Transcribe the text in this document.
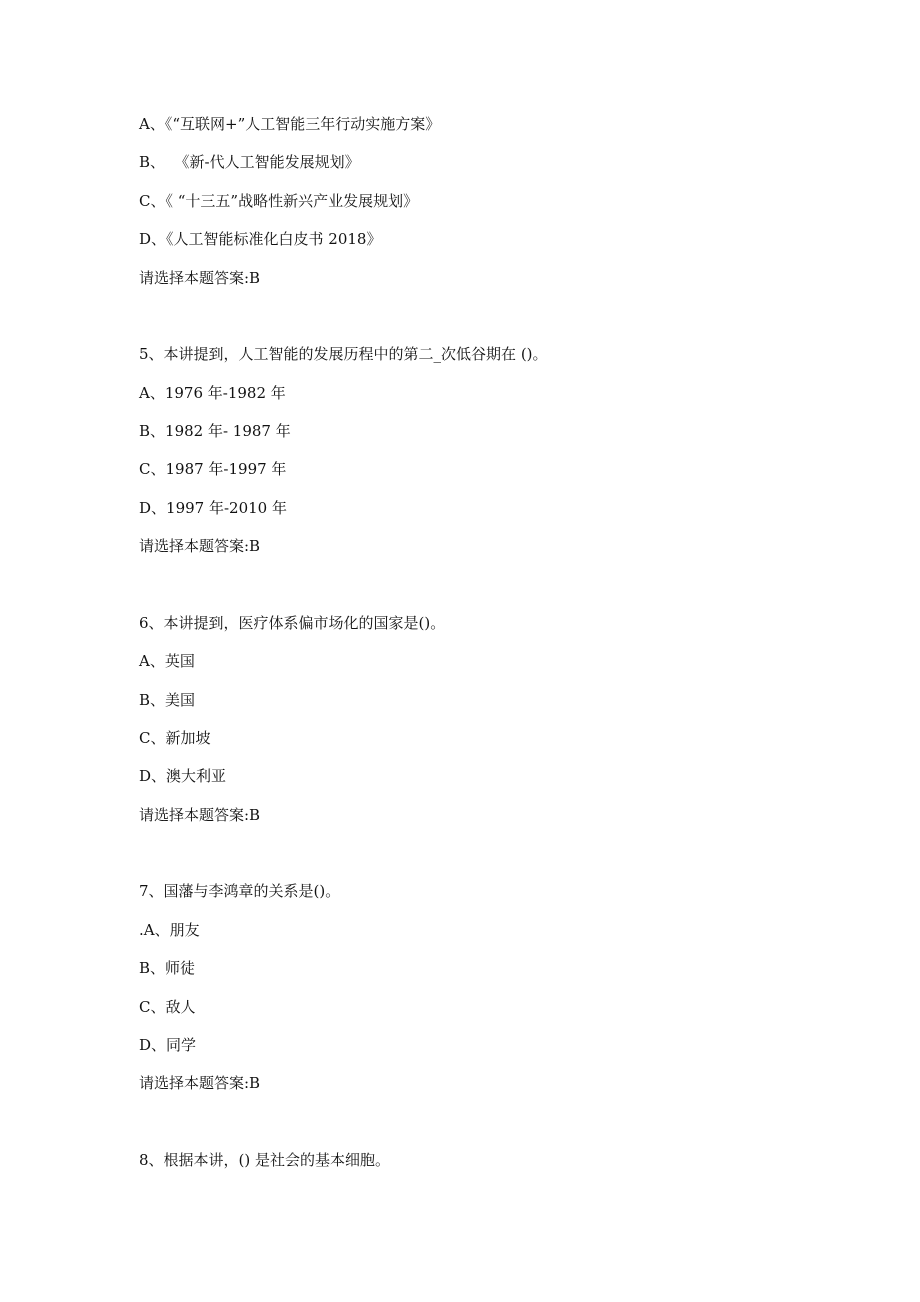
A、《“互联网+”人工智能三年行动实施方案》
B、  《新-代人工智能发展规划》
C、《 “十三五”战略性新兴产业发展规划》
D、《人工智能标准化白皮书 2018》
请选择本题答案:B
5、本讲提到，人工智能的发展历程中的第二_次低谷期在 ()。
A、1976 年-1982 年
B、1982 年- 1987 年
C、1987 年-1997 年
D、1997 年-2010 年
请选择本题答案:B
6、本讲提到，医疗体系偏市场化的国家是()。
A、英国
B、美国
C、新加坡
D、澳大利亚
请选择本题答案:B
7、国藩与李鸿章的关系是()。
.A、朋友
B、师徒
C、敌人
D、同学
请选择本题答案:B
8、根据本讲，() 是社会的基本细胞。
